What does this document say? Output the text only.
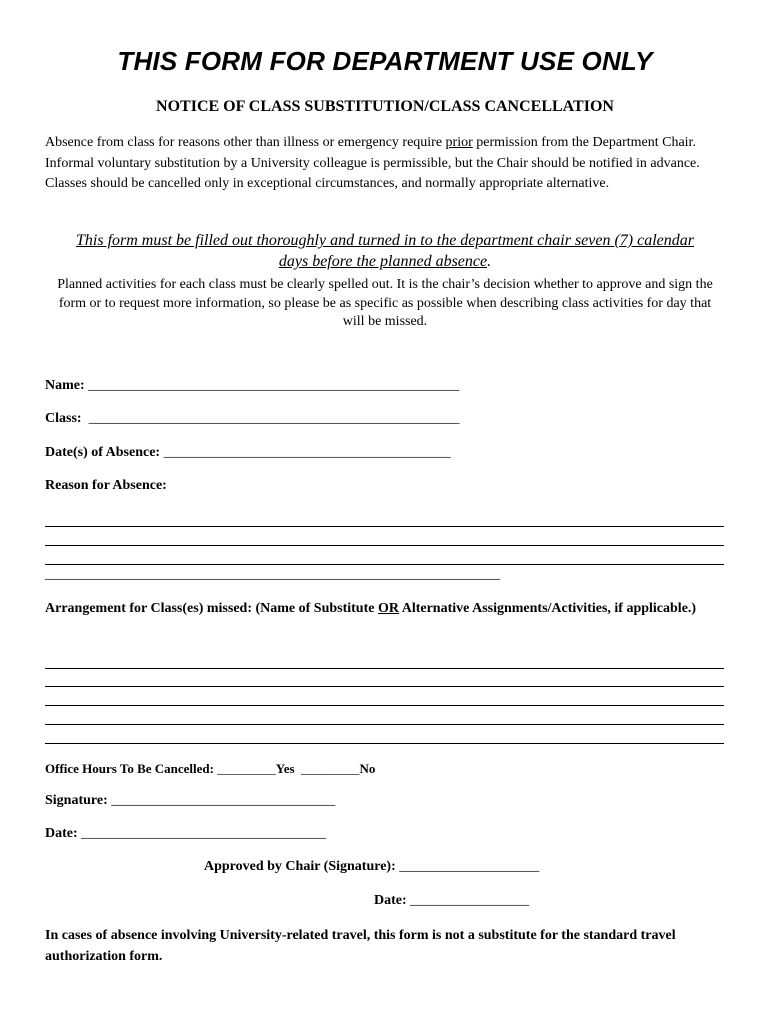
THIS FORM FOR DEPARTMENT USE ONLY
NOTICE OF CLASS SUBSTITUTION/CLASS CANCELLATION
Absence from class for reasons other than illness or emergency require prior permission from the Department Chair. Informal voluntary substitution by a University colleague is permissible, but the Chair should be notified in advance. Classes should be cancelled only in exceptional circumstances, and normally appropriate alternative.
This form must be filled out thoroughly and turned in to the department chair seven (7) calendar days before the planned absence.
Planned activities for each class must be clearly spelled out. It is the chair’s decision whether to approve and sign the form or to request more information, so please be as specific as possible when describing class activities for day that will be missed.
Name: _____________________________________________________
Class:  _____________________________________________________
Date(s) of Absence: _________________________________________
Reason for Absence:
_________________________________________________________________
Arrangement for Class(es) missed: (Name of Substitute OR Alternative Assignments/Activities, if applicable.)
Office Hours To Be Cancelled: _________Yes _________No
Signature: ________________________________
Date: ___________________________________
Approved by Chair (Signature): ____________________
Date: _________________
In cases of absence involving University-related travel, this form is not a substitute for the standard travel authorization form.
